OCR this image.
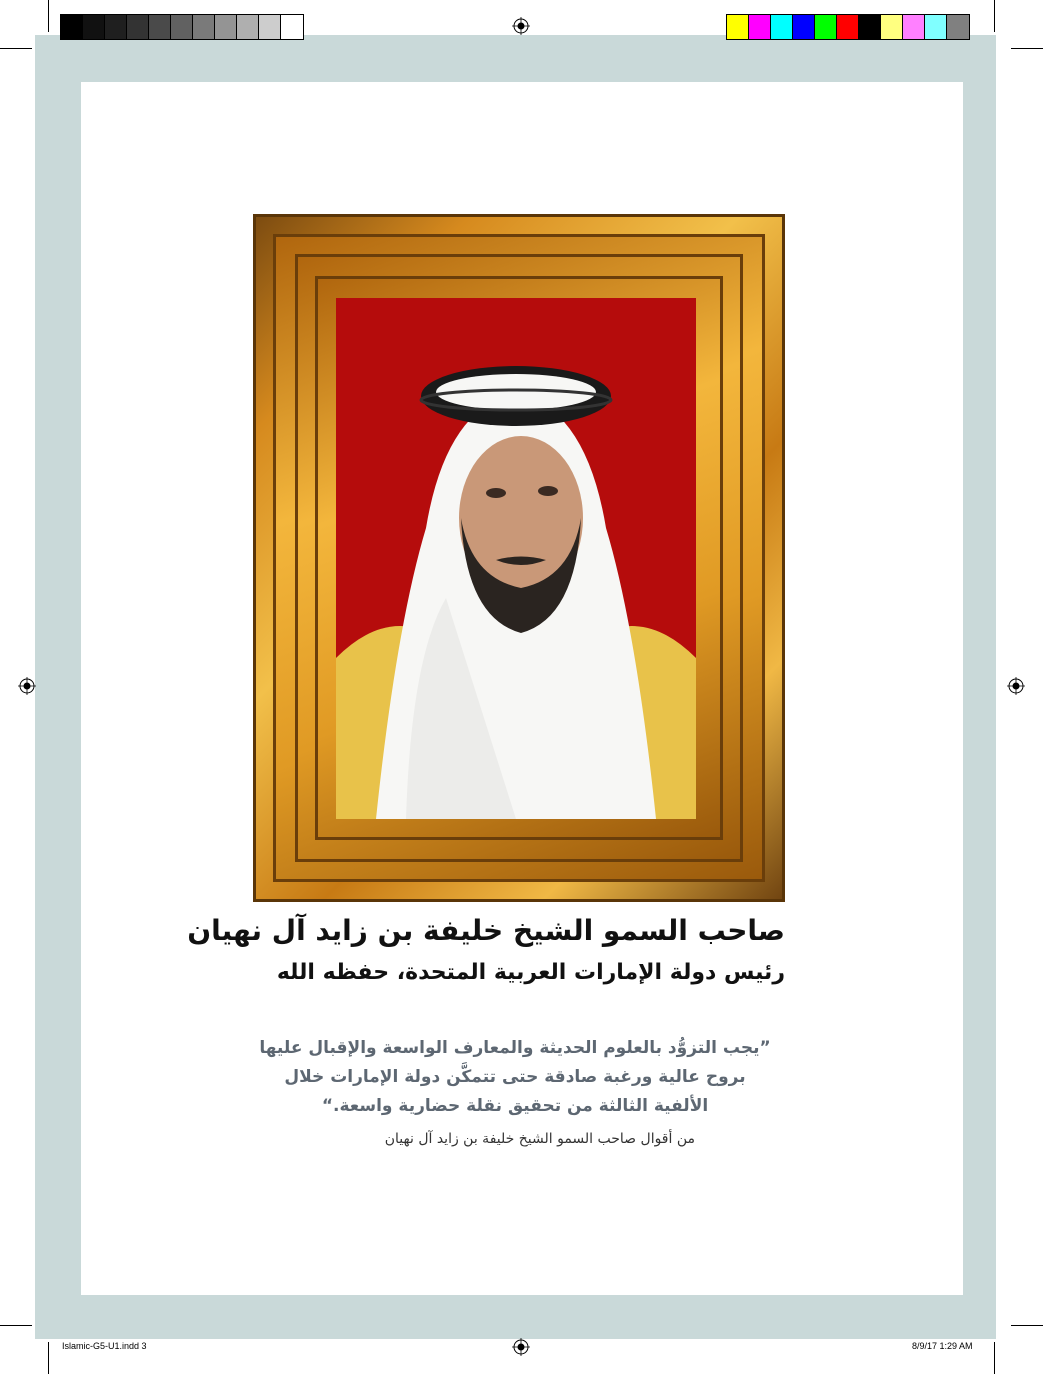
صاحب السمو الشيخ خليفة بن زايد آل نهيان
رئيس دولة الإمارات العربية المتحدة، حفظه الله
”يجب التزوُّد بالعلوم الحديثة والمعارف الواسعة والإقبال عليها
بروح عالية ورغبة صادقة حتى تتمكَّن دولة الإمارات خلال
الألفية الثالثة من تحقيق نقلة حضارية واسعة.“
من أقوال صاحب السمو الشيخ خليفة بن زايد آل نهيان
Islamic-G5-U1.indd 3	8/9/17 1:29 AM
